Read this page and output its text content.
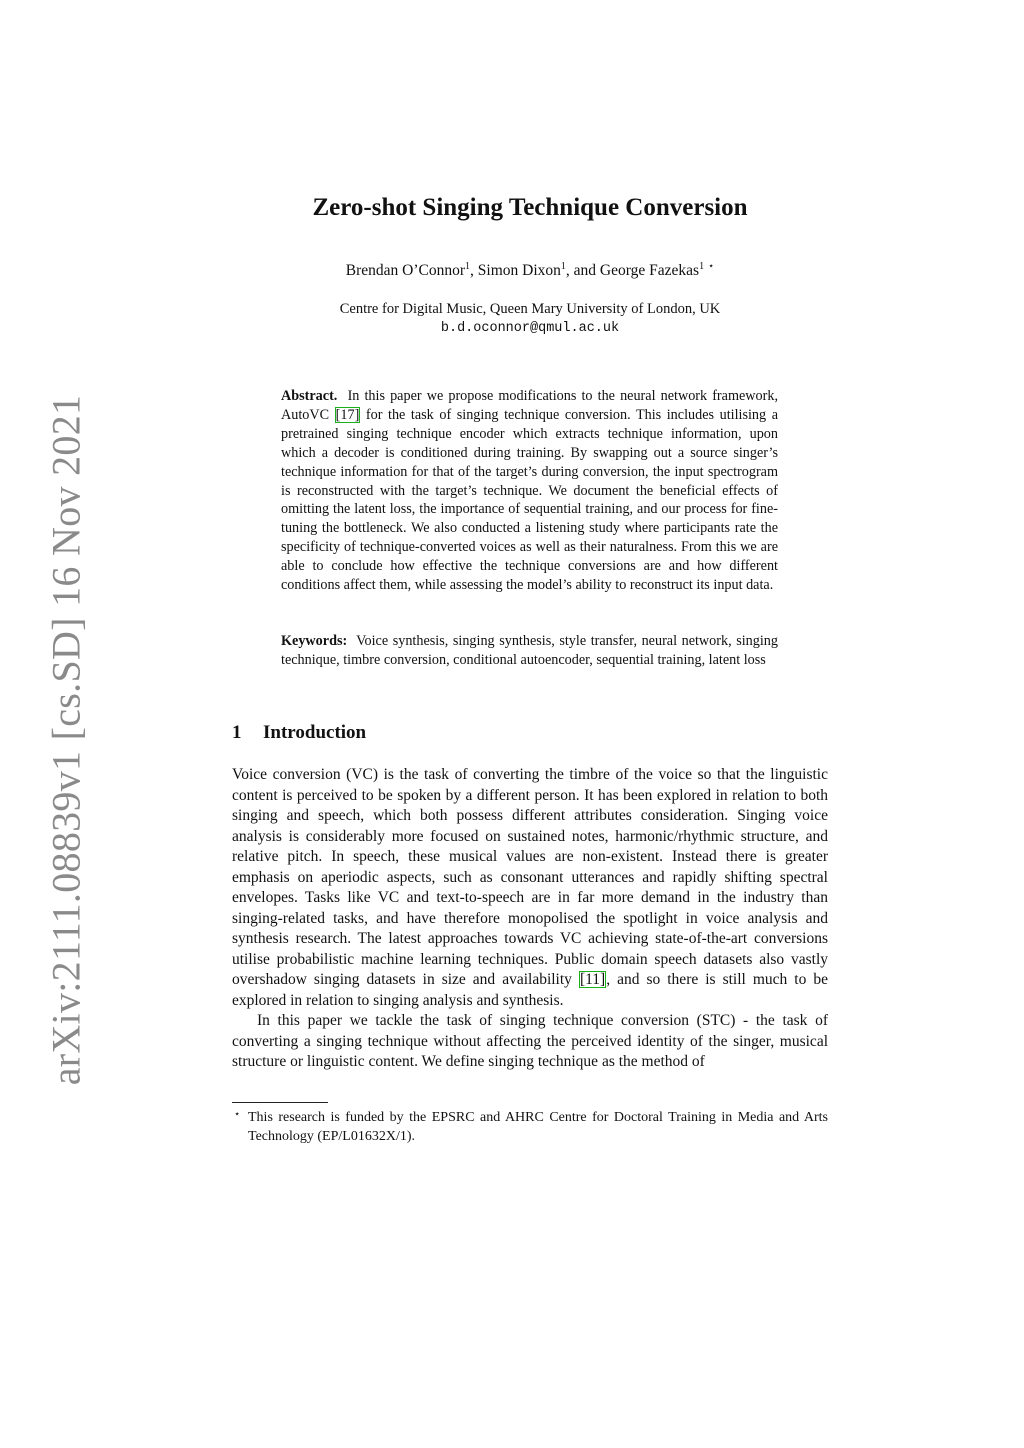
arXiv:2111.08839v1 [cs.SD] 16 Nov 2021
Zero-shot Singing Technique Conversion
Brendan O’Connor$^1$, Simon Dixon$^1$, and George Fazekas$^1$ ⋆
Centre for Digital Music, Queen Mary University of London, UK
b.d.oconnor@qmul.ac.uk
Abstract. In this paper we propose modifications to the neural network framework, AutoVC [17] for the task of singing technique conversion. This includes utilising a pretrained singing technique encoder which extracts technique information, upon which a decoder is conditioned during training. By swapping out a source singer’s technique information for that of the target’s during conversion, the input spectrogram is reconstructed with the target’s technique. We document the beneficial effects of omitting the latent loss, the importance of sequential training, and our process for fine-tuning the bottleneck. We also conducted a listening study where participants rate the specificity of technique-converted voices as well as their naturalness. From this we are able to conclude how effective the technique conversions are and how different conditions affect them, while assessing the model’s ability to reconstruct its input data.
Keywords: Voice synthesis, singing synthesis, style transfer, neural network, singing technique, timbre conversion, conditional autoencoder, sequential training, latent loss
1 Introduction

Voice conversion (VC) is the task of converting the timbre of the voice so that the linguistic content is perceived to be spoken by a different person. It has been explored in relation to both singing and speech, which both possess different attributes consideration. Singing voice analysis is considerably more focused on sustained notes, harmonic/rhythmic structure, and relative pitch. In speech, these musical values are non-existent. Instead there is greater emphasis on aperiodic aspects, such as consonant utterances and rapidly shifting spectral envelopes. Tasks like VC and text-to-speech are in far more demand in the industry than singing-related tasks, and have therefore monopolised the spotlight in voice analysis and synthesis research. The latest approaches towards VC achieving state-of-the-art conversions utilise probabilistic machine learning techniques. Public domain speech datasets also vastly overshadow singing datasets in size and availability [11], and so there is still much to be explored in relation to singing analysis and synthesis.

In this paper we tackle the task of singing technique conversion (STC) - the task of converting a singing technique without affecting the perceived identity of the singer, musical structure or linguistic content. We define singing technique as the method of

⋆ This research is funded by the EPSRC and AHRC Centre for Doctoral Training in Media and Arts Technology (EP/L01632X/1).
